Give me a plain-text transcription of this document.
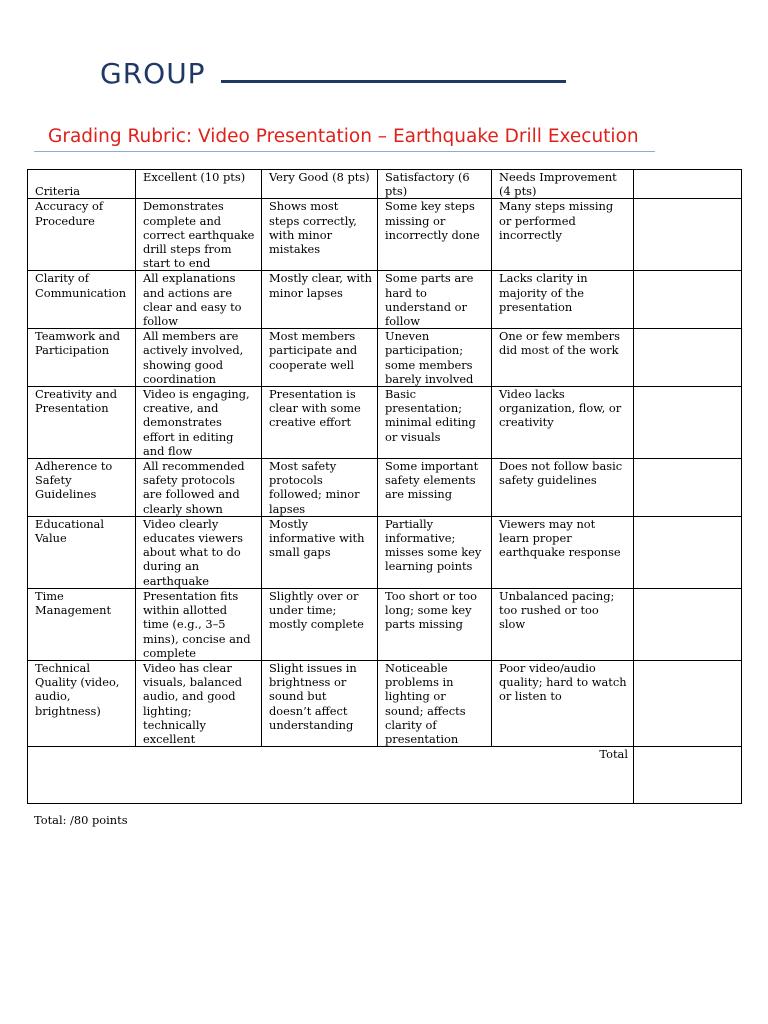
GROUP
Grading Rubric: Video Presentation – Earthquake Drill Execution
Criteria	Excellent (10 pts)	Very Good (8 pts)	Satisfactory (6 pts)	Needs Improvement (4 pts)	
Accuracy of Procedure	Demonstrates complete and correct earthquake drill steps from start to end	Shows most steps correctly, with minor mistakes	Some key steps missing or incorrectly done	Many steps missing or performed incorrectly	
Clarity of Communication	All explanations and actions are clear and easy to follow	Mostly clear, with minor lapses	Some parts are hard to understand or follow	Lacks clarity in majority of the presentation	
Teamwork and Participation	All members are actively involved, showing good coordination	Most members participate and cooperate well	Uneven participation; some members barely involved	One or few members did most of the work	
Creativity and Presentation	Video is engaging, creative, and demonstrates effort in editing and flow	Presentation is clear with some creative effort	Basic presentation; minimal editing or visuals	Video lacks organization, flow, or creativity	
Adherence to Safety Guidelines	All recommended safety protocols are followed and clearly shown	Most safety protocols followed; minor lapses	Some important safety elements are missing	Does not follow basic safety guidelines	
Educational Value	Video clearly educates viewers about what to do during an earthquake	Mostly informative with small gaps	Partially informative; misses some key learning points	Viewers may not learn proper earthquake response	
Time Management	Presentation fits within allotted time (e.g., 3–5 mins), concise and complete	Slightly over or under time; mostly complete	Too short or too long; some key parts missing	Unbalanced pacing; too rushed or too slow	
Technical Quality (video, audio, brightness)	Video has clear visuals, balanced audio, and good lighting; technically excellent	Slight issues in brightness or sound but doesn’t affect understanding	Noticeable problems in lighting or sound; affects clarity of presentation	Poor video/audio quality; hard to watch or listen to	
Total					
Total: /80 points
